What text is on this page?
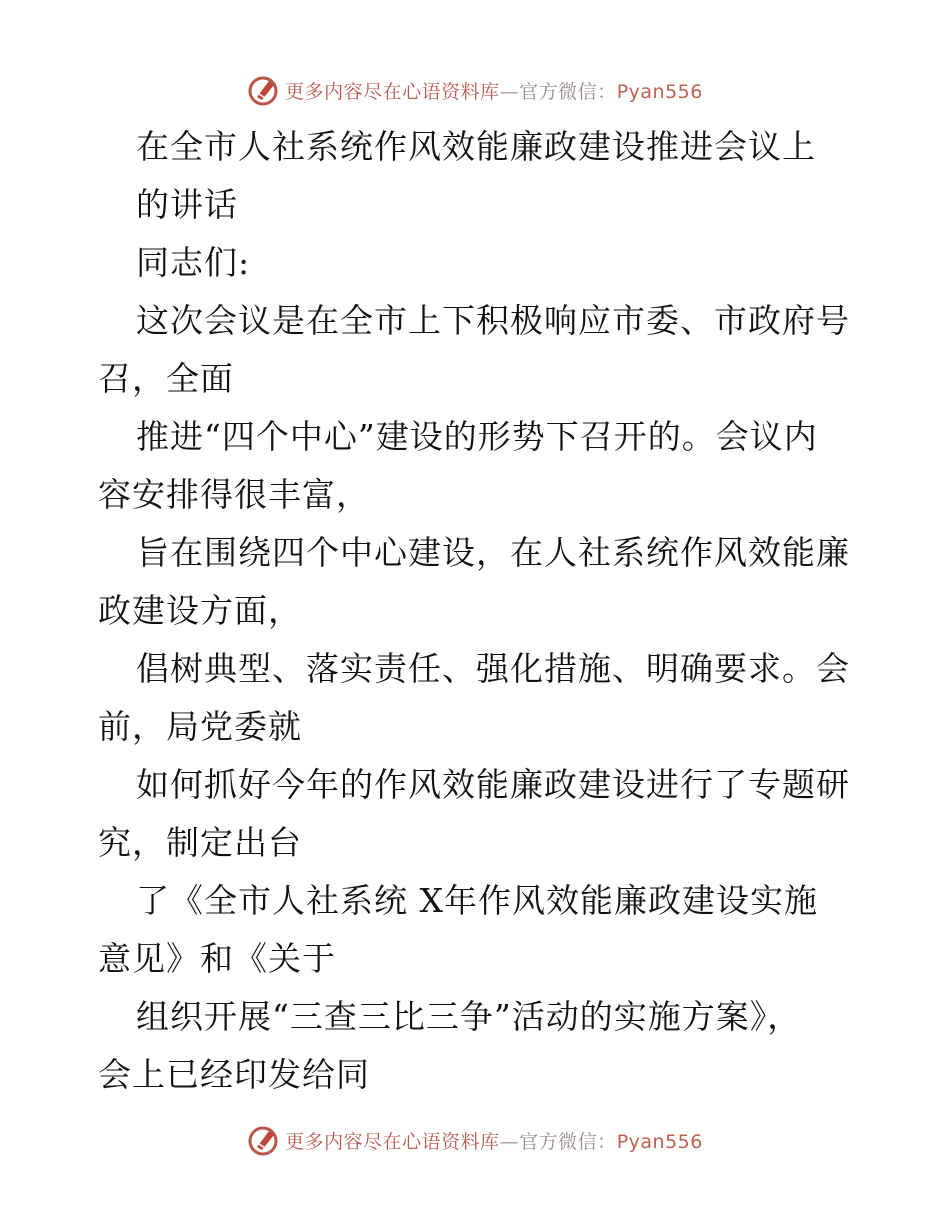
更多内容尽在心语资料库—官方微信：Pyan556
在全市人社系统作风效能廉政建设推进会议上
的讲话
同志们:
这次会议是在全市上下积极响应市委、市政府号
召，全面
推进“四个中心”建设的形势下召开的。会议内
容安排得很丰富，
旨在围绕四个中心建设，在人社系统作风效能廉
政建设方面，
倡树典型、落实责任、强化措施、明确要求。会
前，局党委就
如何抓好今年的作风效能廉政建设进行了专题研
究，制定出台
了《全市人社系统 X年作风效能廉政建设实施
意见》和《关于
组织开展“三查三比三争”活动的实施方案》，
会上已经印发给同
更多内容尽在心语资料库—官方微信：Pyan556
